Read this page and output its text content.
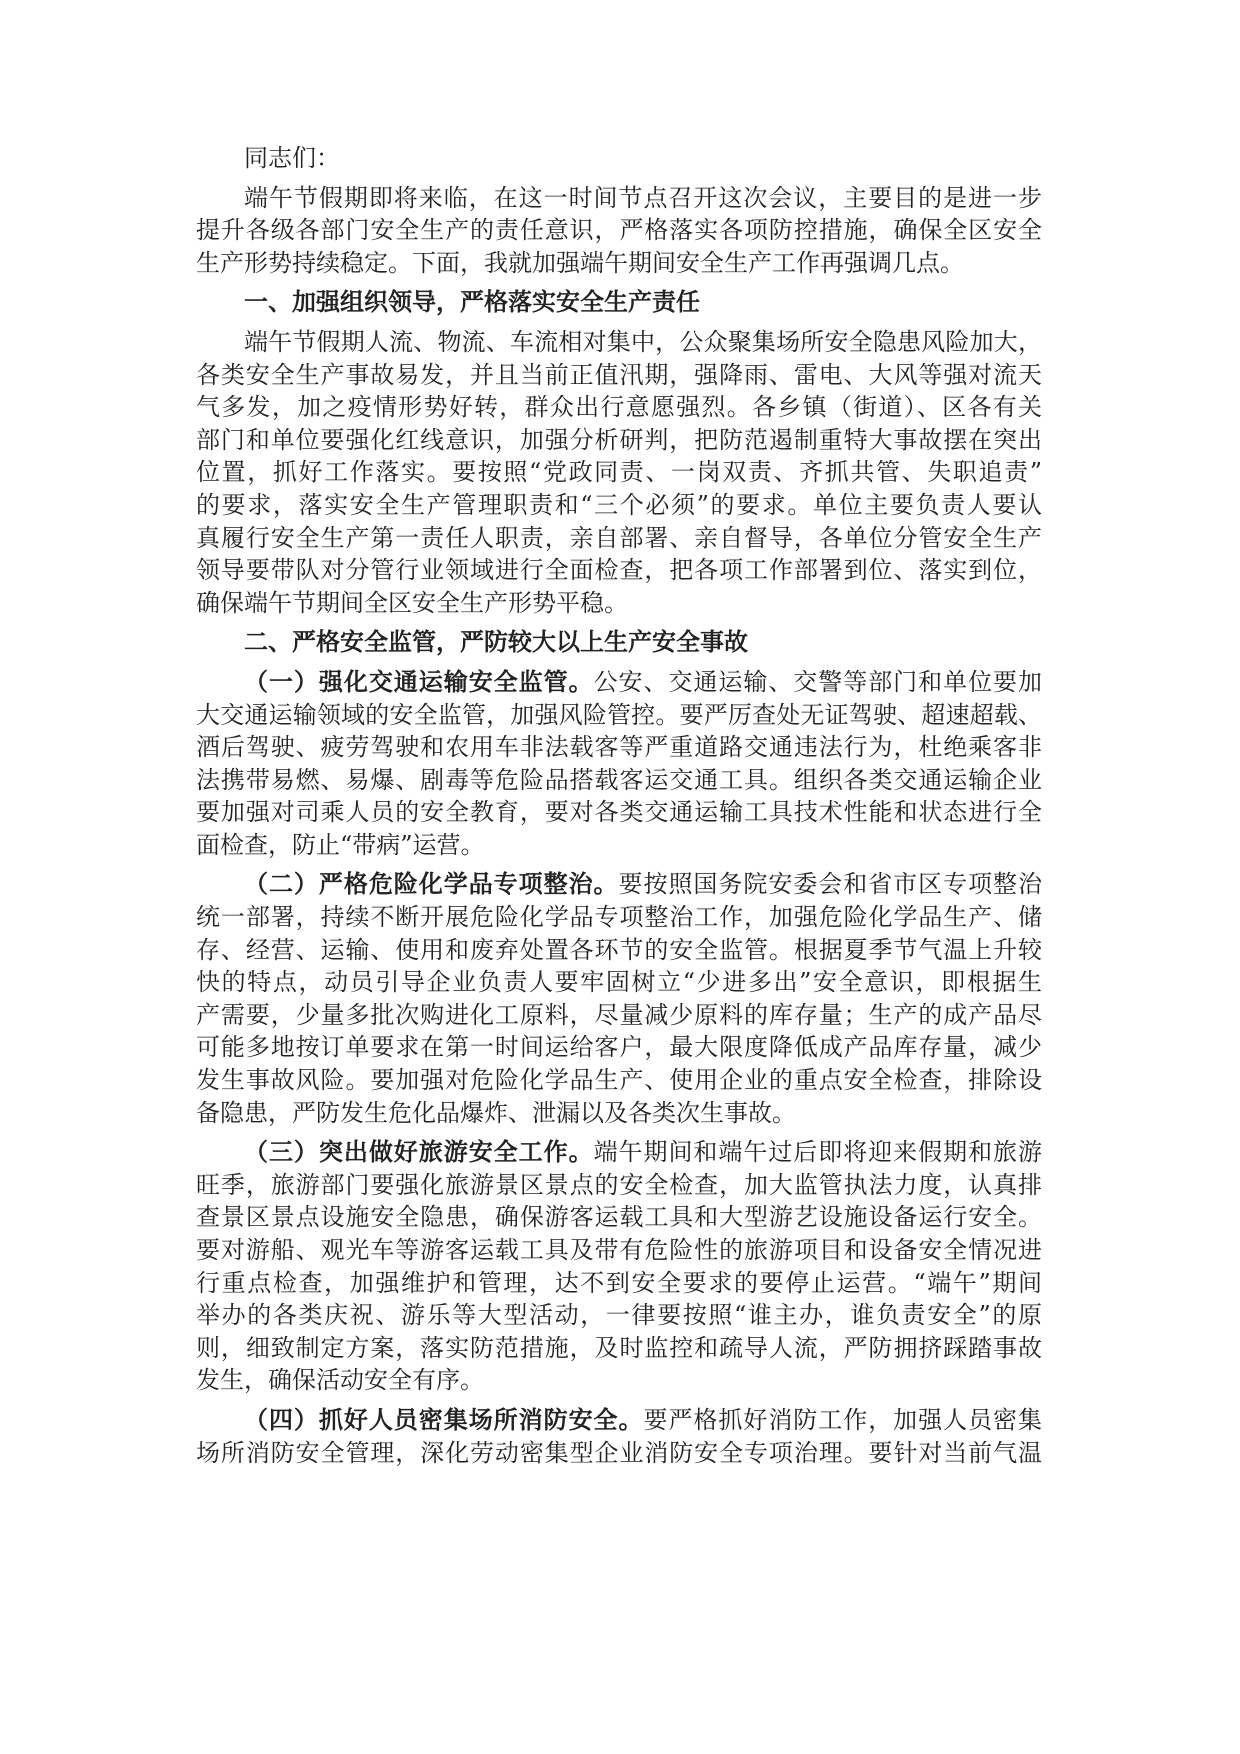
同志们：
端午节假期即将来临，在这一时间节点召开这次会议，主要目的是进一步
提升各级各部门安全生产的责任意识，严格落实各项防控措施，确保全区安全
生产形势持续稳定。下面，我就加强端午期间安全生产工作再强调几点。
一、加强组织领导，严格落实安全生产责任
端午节假期人流、物流、车流相对集中，公众聚集场所安全隐患风险加大，
各类安全生产事故易发，并且当前正值汛期，强降雨、雷电、大风等强对流天
气多发，加之疫情形势好转，群众出行意愿强烈。各乡镇（街道）、区各有关
部门和单位要强化红线意识，加强分析研判，把防范遏制重特大事故摆在突出
位置，抓好工作落实。要按照“党政同责、一岗双责、齐抓共管、失职追责”
的要求，落实安全生产管理职责和“三个必须”的要求。单位主要负责人要认
真履行安全生产第一责任人职责，亲自部署、亲自督导，各单位分管安全生产
领导要带队对分管行业领域进行全面检查，把各项工作部署到位、落实到位，
确保端午节期间全区安全生产形势平稳。
二、严格安全监管，严防较大以上生产安全事故
（一）强化交通运输安全监管。公安、交通运输、交警等部门和单位要加
大交通运输领域的安全监管，加强风险管控。要严厉查处无证驾驶、超速超载、
酒后驾驶、疲劳驾驶和农用车非法载客等严重道路交通违法行为，杜绝乘客非
法携带易燃、易爆、剧毒等危险品搭载客运交通工具。组织各类交通运输企业
要加强对司乘人员的安全教育，要对各类交通运输工具技术性能和状态进行全
面检查，防止“带病”运营。
（二）严格危险化学品专项整治。要按照国务院安委会和省市区专项整治
统一部署，持续不断开展危险化学品专项整治工作，加强危险化学品生产、储
存、经营、运输、使用和废弃处置各环节的安全监管。根据夏季节气温上升较
快的特点，动员引导企业负责人要牢固树立“少进多出”安全意识，即根据生
产需要，少量多批次购进化工原料，尽量减少原料的库存量；生产的成产品尽
可能多地按订单要求在第一时间运给客户，最大限度降低成产品库存量，减少
发生事故风险。要加强对危险化学品生产、使用企业的重点安全检查，排除设
备隐患，严防发生危化品爆炸、泄漏以及各类次生事故。
（三）突出做好旅游安全工作。端午期间和端午过后即将迎来假期和旅游
旺季，旅游部门要强化旅游景区景点的安全检查，加大监管执法力度，认真排
查景区景点设施安全隐患，确保游客运载工具和大型游艺设施设备运行安全。
要对游船、观光车等游客运载工具及带有危险性的旅游项目和设备安全情况进
行重点检查，加强维护和管理，达不到安全要求的要停止运营。“端午”期间
举办的各类庆祝、游乐等大型活动，一律要按照“谁主办，谁负责安全”的原
则，细致制定方案，落实防范措施，及时监控和疏导人流，严防拥挤踩踏事故
发生，确保活动安全有序。
（四）抓好人员密集场所消防安全。要严格抓好消防工作，加强人员密集
场所消防安全管理，深化劳动密集型企业消防安全专项治理。要针对当前气温
